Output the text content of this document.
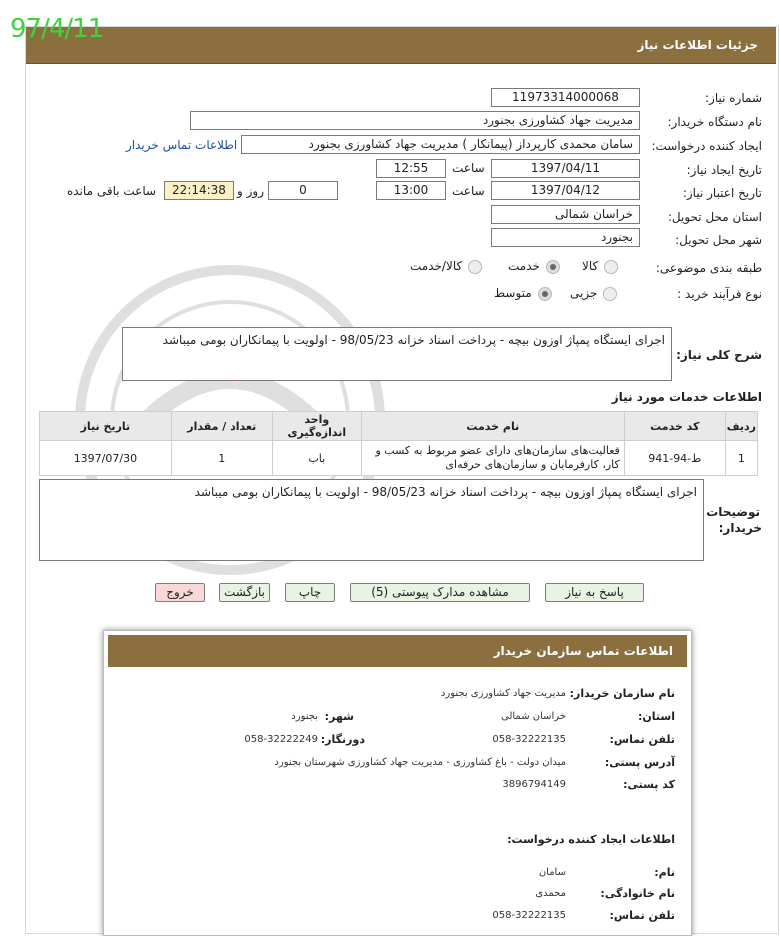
97/4/11
جزئیات اطلاعات نیاز
شماره نیاز:
11973314000068
نام دستگاه خریدار:
مدیریت جهاد کشاورزی بجنورد
ایجاد کننده درخواست:
سامان محمدی کارپرداز (پیمانکار ) مدیریت جهاد کشاورزی بجنورد
اطلاعات تماس خریدار
تاریخ ایجاد نیاز:
1397/04/11
ساعت
12:55
تاریخ اعتبار نیاز:
1397/04/12
ساعت
13:00
0
روز و
22:14:38
ساعت باقی مانده
استان محل تحویل:
خراسان شمالی
شهر محل تحویل:
بجنورد
طبقه بندی موضوعی:
کالا
خدمت
کالا/خدمت
نوع فرآیند خرید :
جزیی
متوسط
شرح کلی نیاز:
اجرای ایستگاه پمپاژ اوزون بیچه - پرداخت اسناد خزانه 98/05/23 - اولویت با پیمانکاران بومی میباشد
اطلاعات خدمات مورد نیاز
ردیف	کد خدمت	نام خدمت	واحد اندازه‌گیری	تعداد / مقدار	تاریخ نیاز
1	ط-94-941	فعالیت‌های سازمان‌های دارای عضو مربوط به کسب و کار، کارفرمایان و سازمان‌های حرفه‌ای	باب	1	1397/07/30
توضیحات
خریدار:
اجرای ایستگاه پمپاژ اوزون بیچه - پرداخت اسناد خزانه 98/05/23 - اولویت با پیمانکاران بومی میباشد
پاسخ به نیاز
مشاهده مدارک پیوستی (5)
چاپ
بازگشت
خروج
اطلاعات تماس سازمان خریدار
نام سازمان خریدار:
مدیریت جهاد کشاورزی بجنورد
استان:
خراسان شمالی
شهر:
بجنورد
تلفن تماس:
058-32222135
دورنگار:
058-32222249
آدرس پستی:
میدان دولت - باغ کشاورزی - مدیریت جهاد کشاورزی شهرستان بجنورد
کد پستی:
3896794149
اطلاعات ایجاد کننده درخواست:
نام:
سامان
نام خانوادگی:
محمدی
تلفن تماس:
058-32222135
